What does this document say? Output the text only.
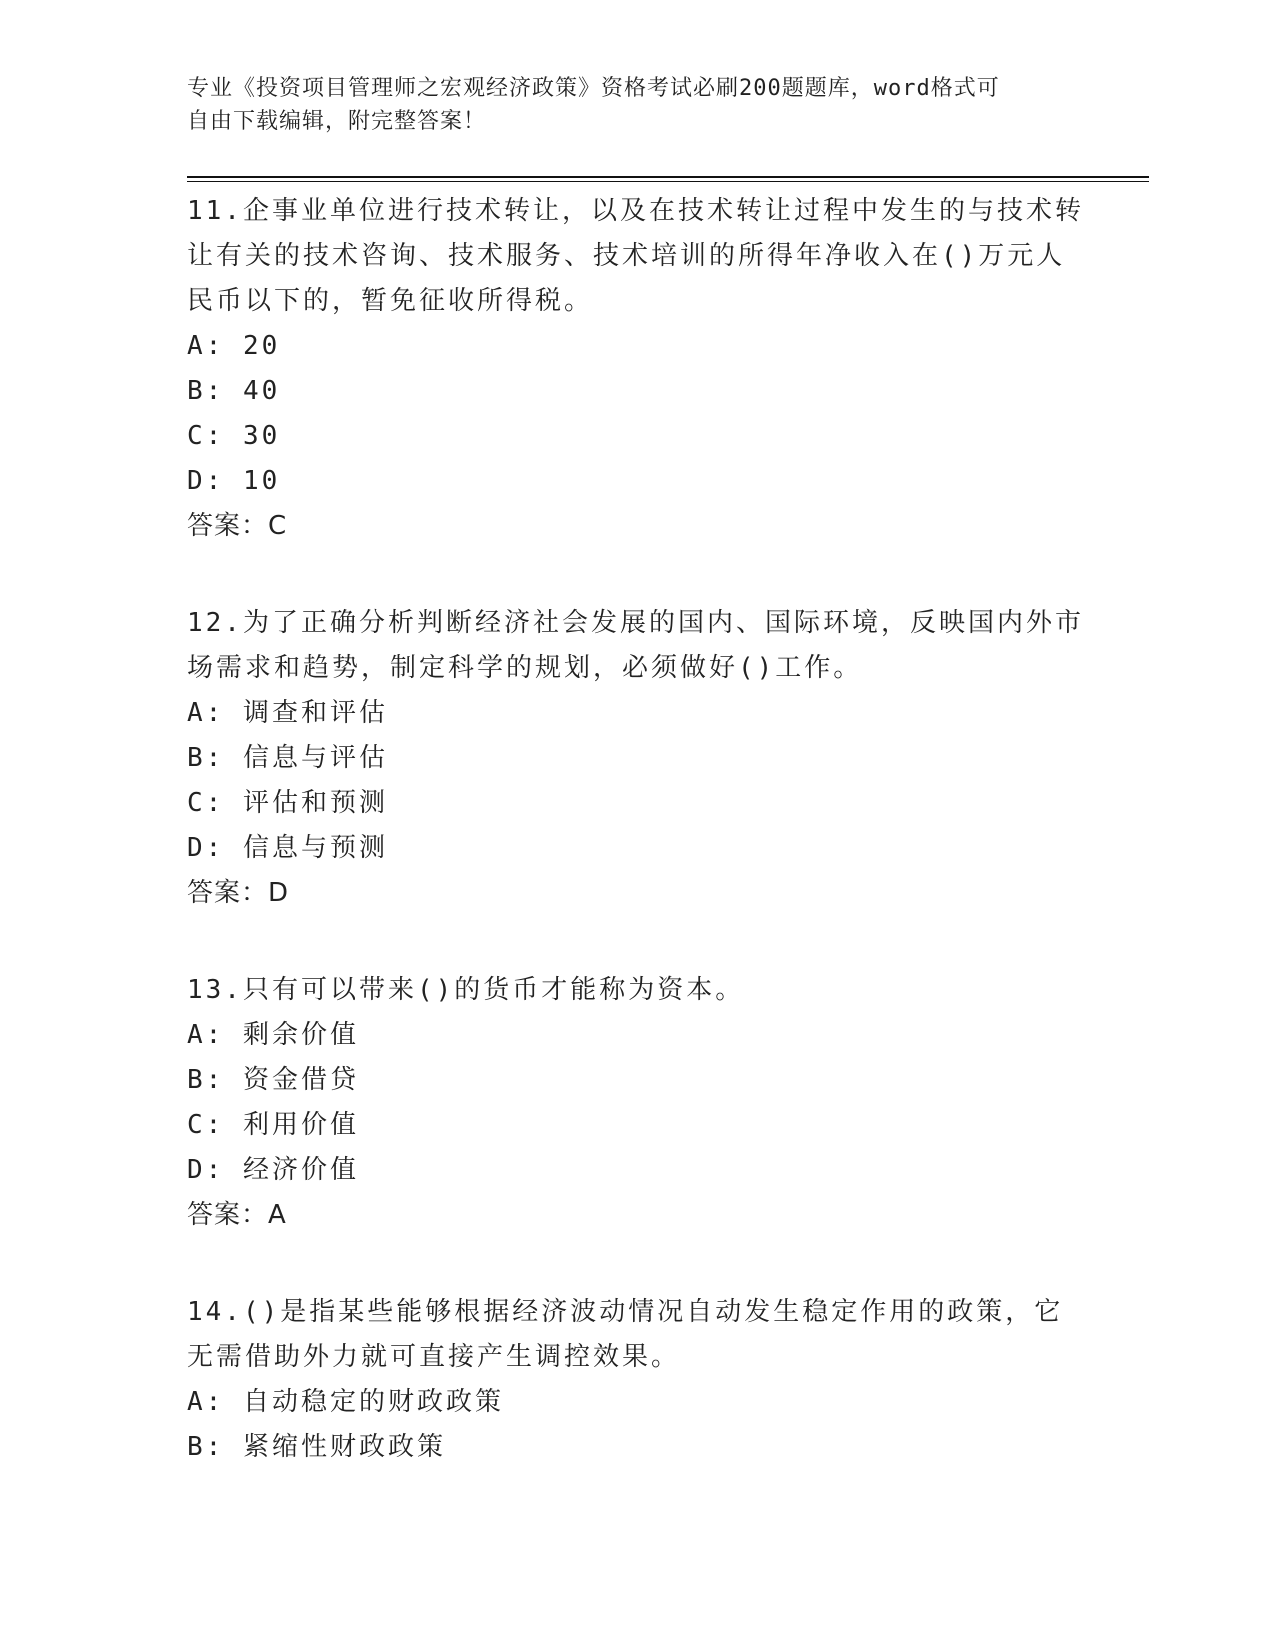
专业《投资项目管理师之宏观经济政策》资格考试必刷200题题库，word格式可
自由下载编辑，附完整答案！

11.企事业单位进行技术转让，以及在技术转让过程中发生的与技术转让有关的技术咨询、技术服务、技术培训的所得年净收入在()万元人民币以下的，暂免征收所得税。

A: 20

B: 40

C: 30

D: 10

答案：C

12.为了正确分析判断经济社会发展的国内、国际环境，反映国内外市场需求和趋势，制定科学的规划，必须做好()工作。

A: 调查和评估

B: 信息与评估

C: 评估和预测

D: 信息与预测

答案：D

13.只有可以带来()的货币才能称为资本。

A: 剩余价值

B: 资金借贷

C: 利用价值

D: 经济价值

答案：A

14.()是指某些能够根据经济波动情况自动发生稳定作用的政策，它无需借助外力就可直接产生调控效果。

A: 自动稳定的财政政策

B: 紧缩性财政政策
